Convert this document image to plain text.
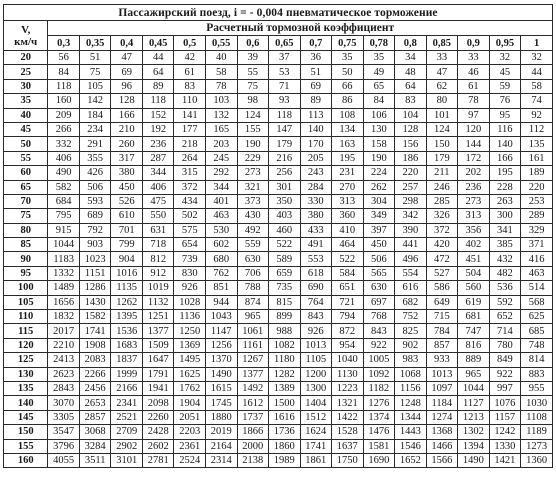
Пассажирский поезд, i = - 0,004 пневматическое торможение																

V,
км/ч	Расчетный тормозной коэффициент															
	0,3	0,35	0,4	0,45	0,5	0,55	0,6	0,65	0,7	0,75	0,78	0,8	0,85	0,9	0,95	1
20	56	51	47	44	42	40	39	37	36	35	35	34	33	33	32	32
25	84	75	69	64	61	58	55	53	51	50	49	48	47	46	45	44
30	118	105	96	89	83	78	75	71	69	66	65	64	62	61	59	58
35	160	142	128	118	110	103	98	93	89	86	84	83	80	78	76	74
40	209	184	166	152	141	132	124	118	113	108	106	104	101	97	95	92
45	266	234	210	192	177	165	155	147	140	134	130	128	124	120	116	112
50	332	291	260	236	218	203	190	179	170	163	158	156	150	144	140	135
55	406	355	317	287	264	245	229	216	205	195	190	186	179	172	166	161
60	490	426	380	344	315	292	273	256	243	231	224	220	211	202	195	189
65	582	506	450	406	372	344	321	301	284	270	262	257	246	236	228	220
70	684	593	526	475	434	401	373	350	330	313	304	298	285	273	263	253
75	795	689	610	550	502	463	430	403	380	360	349	342	326	313	300	289
80	915	792	701	631	575	530	492	460	433	410	397	390	372	356	341	329
85	1044	903	799	718	654	602	559	522	491	464	450	441	420	402	385	371
90	1183	1023	904	812	739	680	630	589	553	522	506	496	472	451	432	416
95	1332	1151	1016	912	830	762	706	659	618	584	565	554	527	504	482	463
100	1489	1286	1135	1019	926	851	788	735	690	651	630	616	586	560	536	514
105	1656	1430	1262	1132	1028	944	874	815	764	721	697	682	649	619	592	568
110	1832	1582	1395	1251	1136	1043	965	899	843	794	768	752	715	681	652	625
115	2017	1741	1536	1377	1250	1147	1061	988	926	872	843	825	784	747	714	685
120	2210	1908	1683	1509	1369	1256	1161	1082	1013	954	922	902	857	816	780	748
125	2413	2083	1837	1647	1495	1370	1267	1180	1105	1040	1005	983	933	889	849	814
130	2623	2266	1999	1791	1625	1490	1377	1282	1200	1130	1092	1068	1013	965	922	883
135	2843	2456	2166	1941	1762	1615	1492	1389	1300	1223	1182	1156	1097	1044	997	955
140	3070	2653	2341	2098	1904	1745	1612	1500	1404	1321	1276	1248	1184	1127	1076	1030
145	3305	2857	2521	2260	2051	1880	1737	1616	1512	1422	1374	1344	1274	1213	1157	1108
150	3547	3068	2709	2428	2203	2019	1866	1736	1624	1528	1476	1443	1368	1302	1242	1189
155	3796	3284	2902	2602	2361	2164	2000	1860	1741	1637	1581	1546	1466	1394	1330	1273
160	4055	3511	3101	2781	2524	2314	2138	1989	1861	1750	1690	1652	1566	1490	1421	1360
